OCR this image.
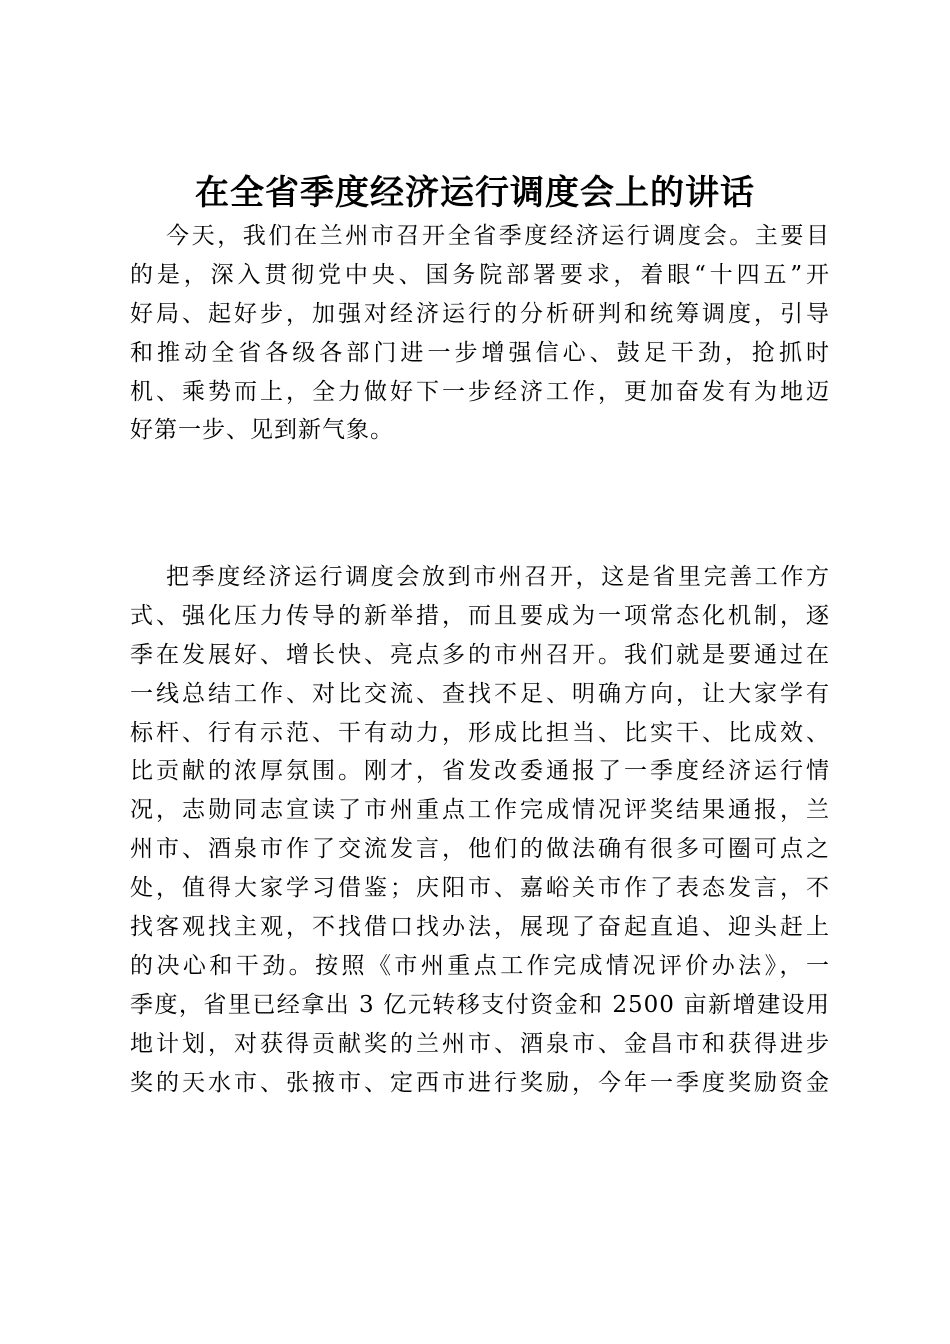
在全省季度经济运行调度会上的讲话
今天，我们在兰州市召开全省季度经济运行调度会。主要目
的是，深入贯彻党中央、国务院部署要求，着眼“十四五”开
好局、起好步，加强对经济运行的分析研判和统筹调度，引导
和推动全省各级各部门进一步增强信心、鼓足干劲，抢抓时
机、乘势而上，全力做好下一步经济工作，更加奋发有为地迈
好第一步、见到新气象。
把季度经济运行调度会放到市州召开，这是省里完善工作方
式、强化压力传导的新举措，而且要成为一项常态化机制，逐
季在发展好、增长快、亮点多的市州召开。我们就是要通过在
一线总结工作、对比交流、查找不足、明确方向，让大家学有
标杆、行有示范、干有动力，形成比担当、比实干、比成效、
比贡献的浓厚氛围。刚才，省发改委通报了一季度经济运行情
况，志勋同志宣读了市州重点工作完成情况评奖结果通报，兰
州市、酒泉市作了交流发言，他们的做法确有很多可圈可点之
处，值得大家学习借鉴；庆阳市、嘉峪关市作了表态发言，不
找客观找主观，不找借口找办法，展现了奋起直追、迎头赶上
的决心和干劲。按照《市州重点工作完成情况评价办法》，一
季度，省里已经拿出 3 亿元转移支付资金和 2500 亩新增建设用
地计划，对获得贡献奖的兰州市、酒泉市、金昌市和获得进步
奖的天水市、张掖市、定西市进行奖励，今年一季度奖励资金
